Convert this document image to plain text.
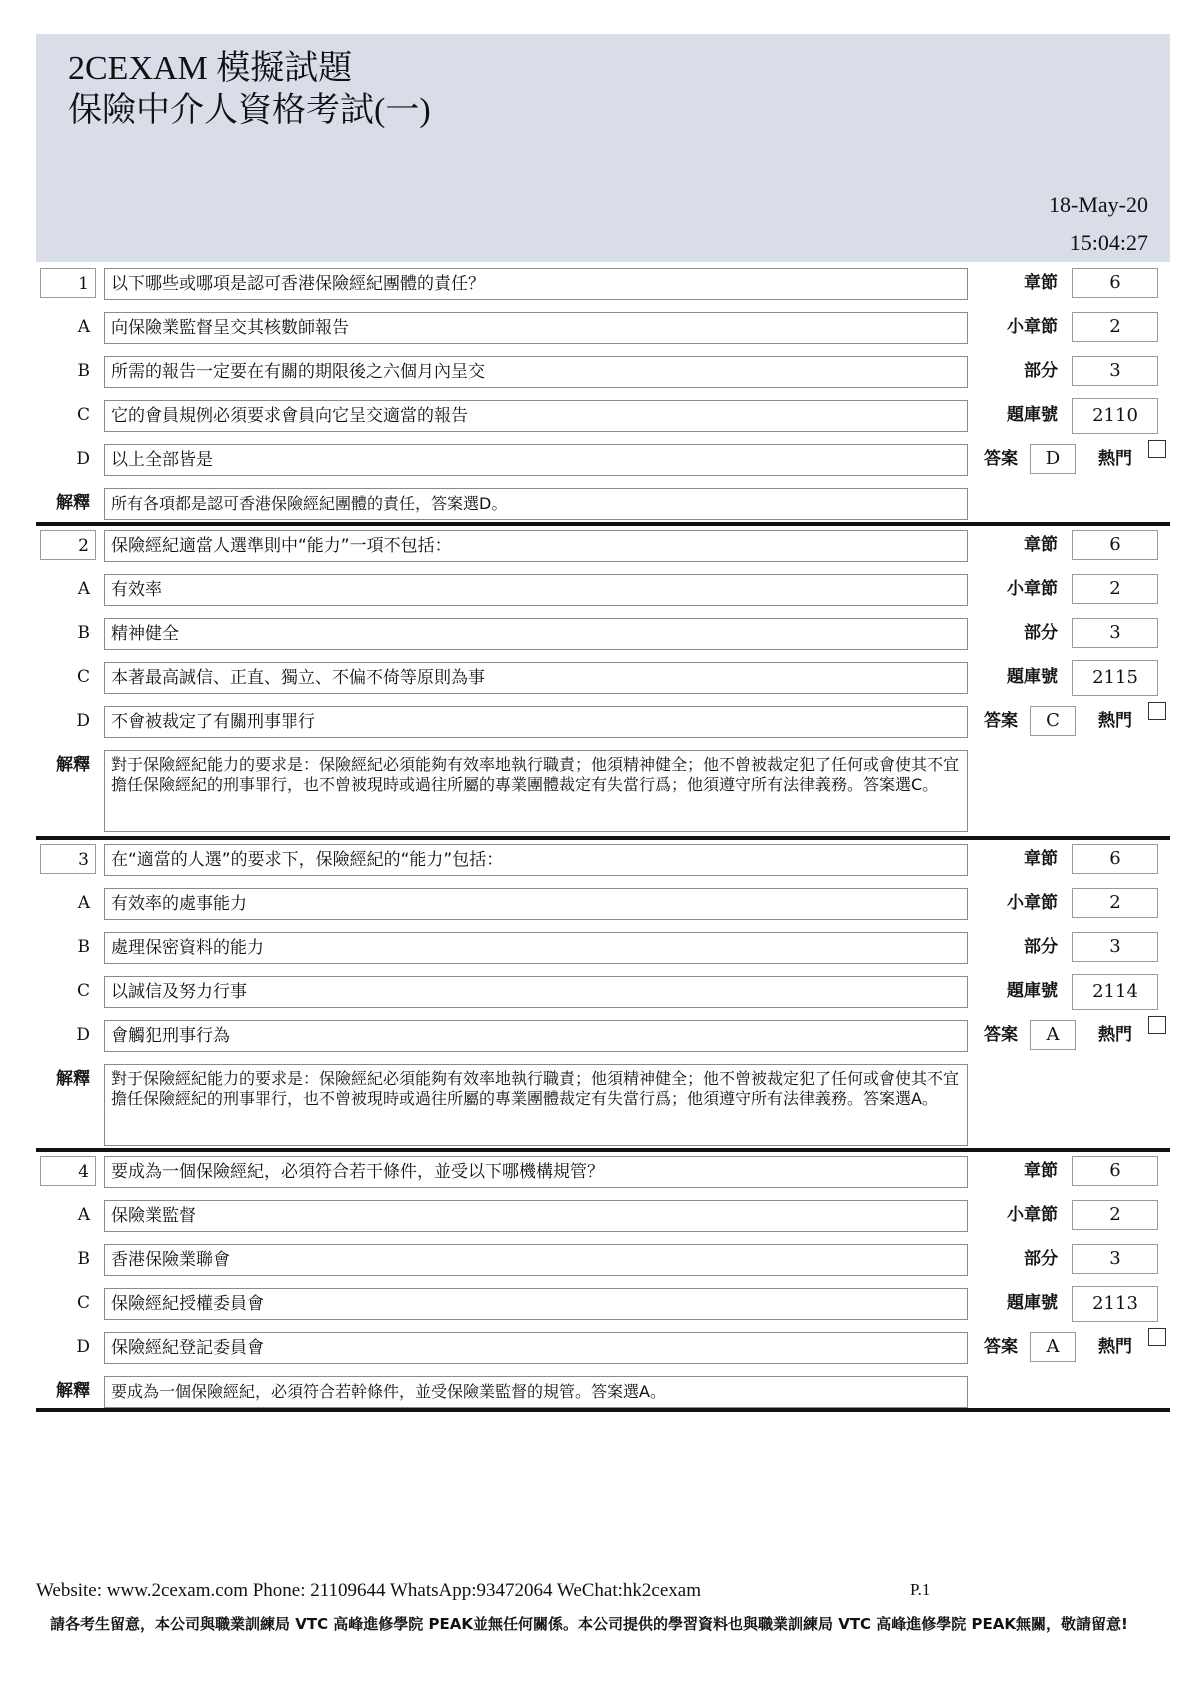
2CEXAM 模擬試題
保險中介人資格考試(一)
18-May-20
15:04:27
1	以下哪些或哪項是認可香港保險經紀團體的責任？	章節	6
A	向保險業監督呈交其核數師報告	小章節	2
B	所需的報告一定要在有關的期限後之六個月內呈交	部分	3
C	它的會員規例必須要求會員向它呈交適當的報告	題庫號	2110
D	以上全部皆是	答案	D	熱門
解釋	所有各項都是認可香港保險經紀團體的責任，答案選D。
2	保險經紀適當人選準則中“能力”一項不包括：	章節	6
A	有效率	小章節	2
B	精神健全	部分	3
C	本著最高誠信、正直、獨立、不偏不倚等原則為事	題庫號	2115
D	不會被裁定了有關刑事罪行	答案	C	熱門
解釋	對于保險經紀能力的要求是：保險經紀必須能夠有效率地執行職責；他須精神健全；他不曾被裁定犯了任何或會使其不宜擔任保險經紀的刑事罪行，也不曾被現時或過往所屬的專業團體裁定有失當行爲；他須遵守所有法律義務。答案選C。
3	在“適當的人選”的要求下，保險經紀的“能力”包括：	章節	6
A	有效率的處事能力	小章節	2
B	處理保密資料的能力	部分	3
C	以誠信及努力行事	題庫號	2114
D	會觸犯刑事行為	答案	A	熱門
解釋	對于保險經紀能力的要求是：保險經紀必須能夠有效率地執行職責；他須精神健全；他不曾被裁定犯了任何或會使其不宜擔任保險經紀的刑事罪行，也不曾被現時或過往所屬的專業團體裁定有失當行爲；他須遵守所有法律義務。答案選A。
4	要成為一個保險經紀，必須符合若干條件，並受以下哪機構規管？	章節	6
A	保險業監督	小章節	2
B	香港保險業聯會	部分	3
C	保險經紀授權委員會	題庫號	2113
D	保險經紀登記委員會	答案	A	熱門
解釋	要成為一個保險經紀，必須符合若幹條件，並受保險業監督的規管。答案選A。
Website: www.2cexam.com Phone: 21109644 WhatsApp:93472064 WeChat:hk2cexam	P.1
請各考生留意，本公司與職業訓練局 VTC 高峰進修學院 PEAK並無任何關係。本公司提供的學習資料也與職業訓練局 VTC 高峰進修學院 PEAK無關，敬請留意!
